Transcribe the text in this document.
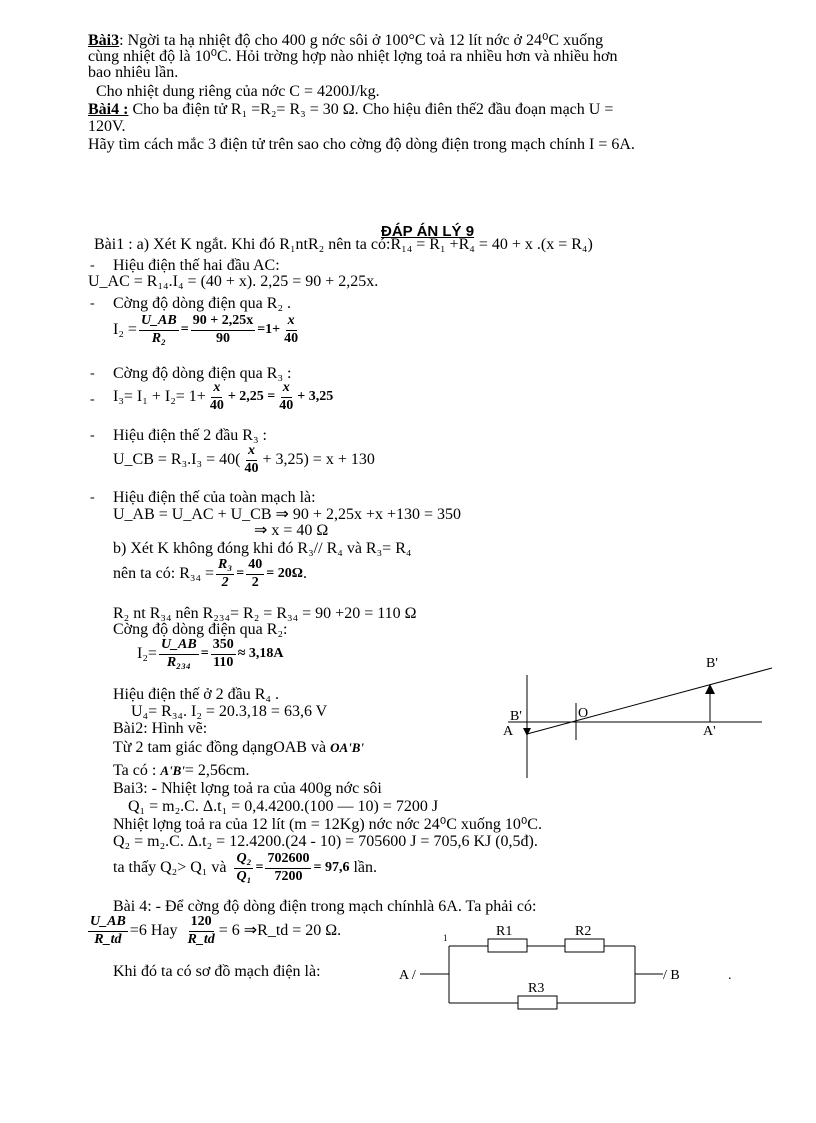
Bài3: Ngời ta hạ nhiệt độ cho 400 g nớc sôi ở 100°C và 12 lít nớc ở 24⁰C xuống
cùng nhiệt độ là 10⁰C. Hỏi trờng hợp nào nhiệt lợng toả ra nhiều hơn và nhiều hơn
bao nhiêu lần.
Cho nhiệt dung riêng của nớc C = 4200J/kg.
Bài4 : Cho ba điện tử R₁ =R₂= R₃ = 30 Ω. Cho hiệu điên thế2 đầu đoạn mạch U =
120V.
Hãy tìm cách mắc 3 điện tử trên sao cho cờng độ dòng điện trong mạch chính I = 6A.
ĐÁP ÁN LÝ 9
Bài1 : a) Xét K ngắt. Khi đó R₁ntR₂ nên ta có:R₁₄ = R₁ +R₄ = 40 + x .(x = R₄)
- Hiệu điện thế hai đầu AC:
U_AC = R₁₄.I₄ = (40 + x). 2,25 = 90 + 2,25x.
- Cờng độ dòng điện qua R₂ .
$I_2 = \frac{U\_AB}{\text{R₂}} = \frac{90 + 2,25x}{90} =1+ \frac{x}{40}$
- Cờng độ dòng điện qua R₃ :
- $I_3= I_1 + I_2= 1+ \frac{x}{40} + 2,25 = \frac{x}{40} + 3,25$
- Hiệu điện thế 2 đầu R₃ :
U_CB = $R_3.I_3 = 40( \frac{x}{40} + 3,25) = x + 130$
- Hiệu điện thế của toàn mạch là:
U_AB = U_AC + U_CB ⇒ 90 + 2,25x +x +130 = 350
⇒ x = 40 Ω
b) Xét K không đóng khi đó R₃// R₄ và R₃= R₄
nên ta có: $R_{34} = \frac{\text{R₃}}{2} = \frac{40}{2} = 20\Omega$ .
R₂ nt R₃₄ nên R₂₃₄= R₂ = R₃₄ = 90 +20 = 110 Ω
Cờng độ dòng điện qua R₂:
$I_2= \frac{U\_AB}{\text{R₂₃₄}} = \frac{350}{110} \approx 3,18A$
Hiệu điện thế ở 2 đầu R₄ .
U₄= R₃₄. I₂ = 20.3,18 = 63,6 V
Bài2: Hình vẽ:
Từ 2 tam giác đồng dạngOAB và OA'B'
Ta có : A'B'= 2,56cm.
Bai3: - Nhiệt lợng toả ra của 400g nớc sôi
Q₁ = m₂.C. Δ.t₁ = 0,4.4200.(100 — 10) = 7200 J
Nhiệt lợng toả ra của 12 lít (m = 12Kg) nớc nớc 24⁰C xuống 10⁰C.
Q₂ = m₂.C. Δ.t₂ = 12.4200.(24 - 10) = 705600 J = 705,6 KJ (0,5đ).
ta thấy Q₂> Q₁ và $\frac{\text{Q₂}}{\text{Q₁}} = \frac{702600}{7200} = 97,6$
lần.
Bài 4: - Để cờng độ dòng điện trong mạch chínhlà 6A. Ta phải có:
$\frac{U\_AB}{R\_td} =6$ Hay $\frac{120}{R\_td} = 6$ ⇒R_td = 20 Ω.
Khi đó ta có sơ đồ mạch điện là:
B'
A
O
B'
A'
1	R1	R2
R3
A /	/ B	.
